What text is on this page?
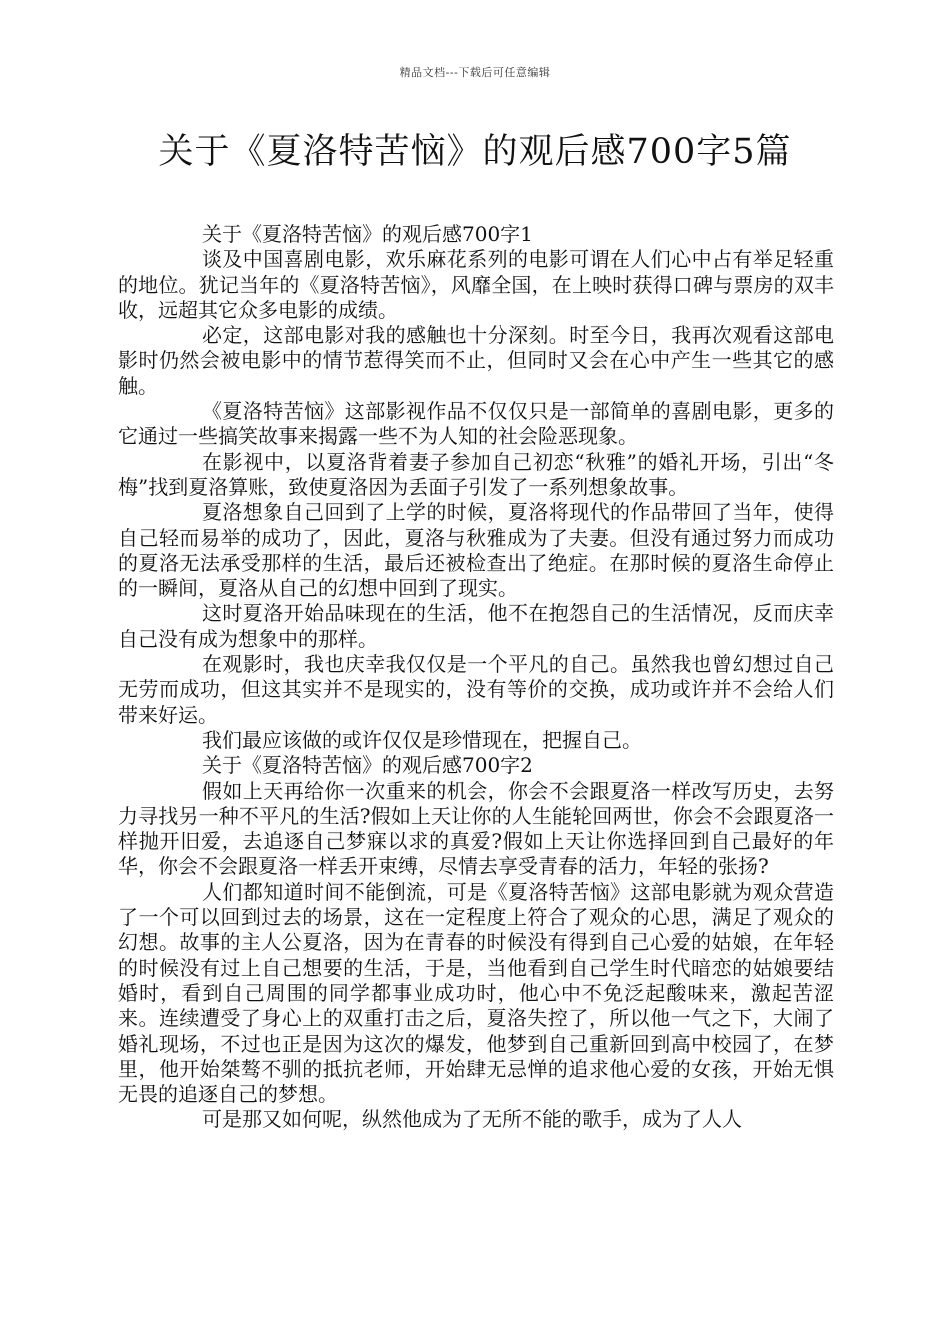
精品文档---下载后可任意编辑
关于《夏洛特苦恼》的观后感700字5篇

关于《夏洛特苦恼》的观后感700字1

谈及中国喜剧电影，欢乐麻花系列的电影可谓在人们心中占有举足轻重的地位。犹记当年的《夏洛特苦恼》，风靡全国，在上映时获得口碑与票房的双丰收，远超其它众多电影的成绩。

必定，这部电影对我的感触也十分深刻。时至今日，我再次观看这部电影时仍然会被电影中的情节惹得笑而不止，但同时又会在心中产生一些其它的感触。

《夏洛特苦恼》这部影视作品不仅仅只是一部简单的喜剧电影，更多的它通过一些搞笑故事来揭露一些不为人知的社会险恶现象。

在影视中，以夏洛背着妻子参加自己初恋“秋雅”的婚礼开场，引出“冬梅”找到夏洛算账，致使夏洛因为丢面子引发了一系列想象故事。

夏洛想象自己回到了上学的时候，夏洛将现代的作品带回了当年，使得自己轻而易举的成功了，因此，夏洛与秋雅成为了夫妻。但没有通过努力而成功的夏洛无法承受那样的生活，最后还被检查出了绝症。在那时候的夏洛生命停止的一瞬间，夏洛从自己的幻想中回到了现实。

这时夏洛开始品味现在的生活，他不在抱怨自己的生活情况，反而庆幸自己没有成为想象中的那样。

在观影时，我也庆幸我仅仅是一个平凡的自己。虽然我也曾幻想过自己无劳而成功，但这其实并不是现实的，没有等价的交换，成功或许并不会给人们带来好运。

我们最应该做的或许仅仅是珍惜现在，把握自己。

关于《夏洛特苦恼》的观后感700字2

假如上天再给你一次重来的机会，你会不会跟夏洛一样改写历史，去努力寻找另一种不平凡的生活?假如上天让你的人生能轮回两世，你会不会跟夏洛一样抛开旧爱，去追逐自己梦寐以求的真爱?假如上天让你选择回到自己最好的年华，你会不会跟夏洛一样丢开束缚，尽情去享受青春的活力，年轻的张扬?

人们都知道时间不能倒流，可是《夏洛特苦恼》这部电影就为观众营造了一个可以回到过去的场景，这在一定程度上符合了观众的心思，满足了观众的幻想。故事的主人公夏洛，因为在青春的时候没有得到自己心爱的姑娘，在年轻的时候没有过上自己想要的生活，于是，当他看到自己学生时代暗恋的姑娘要结婚时，看到自己周围的同学都事业成功时，他心中不免泛起酸味来，激起苦涩来。连续遭受了身心上的双重打击之后，夏洛失控了，所以他一气之下，大闹了婚礼现场，不过也正是因为这次的爆发，他梦到自己重新回到高中校园了，在梦里，他开始桀骜不驯的抵抗老师，开始肆无忌惮的追求他心爱的女孩，开始无惧无畏的追逐自己的梦想。

可是那又如何呢，纵然他成为了无所不能的歌手，成为了人人
